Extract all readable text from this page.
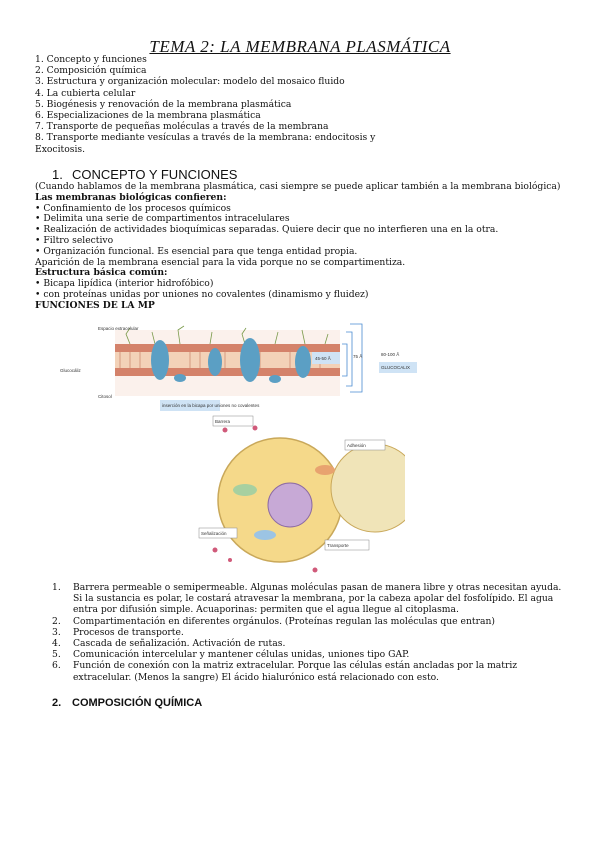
TEMA 2: LA MEMBRANA PLASMÁTICA
1. Concepto y funciones
2. Composición química
3. Estructura y organización molecular: modelo del mosaico fluido
4. La cubierta celular
5. Biogénesis y renovación de la membrana plasmática
6. Especializaciones de la membrana plasmática
7. Transporte de pequeñas moléculas a través de la membrana
8. Transporte mediante vesículas a través de la membrana: endocitosis y
Exocitosis.
1. CONCEPTO Y FUNCIONES
(Cuando hablamos de la membrana plasmática, casi siempre se puede aplicar también a la membrana biológica)
Las membranas biológicas confieren:
• Confinamiento de los procesos químicos
• Delimita una serie de compartimentos intracelulares
• Realización de actividades bioquímicas separadas. Quiere decir que no interfieren una en la otra.
• Filtro selectivo
• Organización funcional. Es esencial para que tenga entidad propia.
Aparición de la membrana esencial para la vida porque no se compartimentiza.
Estructura básica común:
• Bicapa lipídica (interior hidrofóbico)
• con proteínas unidas por uniones no covalentes (dinamismo y fluidez)
FUNCIONES DE LA MP
Espacio extracelular
Glucocáliz
Citosol
inserción en la bicapa por uniones no covalentes
45-50 Å	75 Å	80-100 Å
GLUCOCALIX
Barrera
Transporte
Señalización
Adhesión
1. Barrera permeable o semipermeable. Algunas moléculas pasan de manera libre y otras necesitan ayuda. Si la sustancia es polar, le costará atravesar la membrana, por la cabeza apolar del fosfolípido. El agua entra por difusión simple. Acuaporinas: permiten que el agua llegue al citoplasma.
2. Compartimentación en diferentes orgánulos. (Proteínas regulan las moléculas que entran)
3. Procesos de transporte.
4. Cascada de señalización. Activación de rutas.
5. Comunicación intercelular y mantener células unidas, uniones tipo GAP.
6. Función de conexión con la matriz extracelular. Porque las células están ancladas por la matriz extracelular. (Menos la sangre) El ácido hialurónico está relacionado con esto.
2. COMPOSICIÓN QUÍMICA
